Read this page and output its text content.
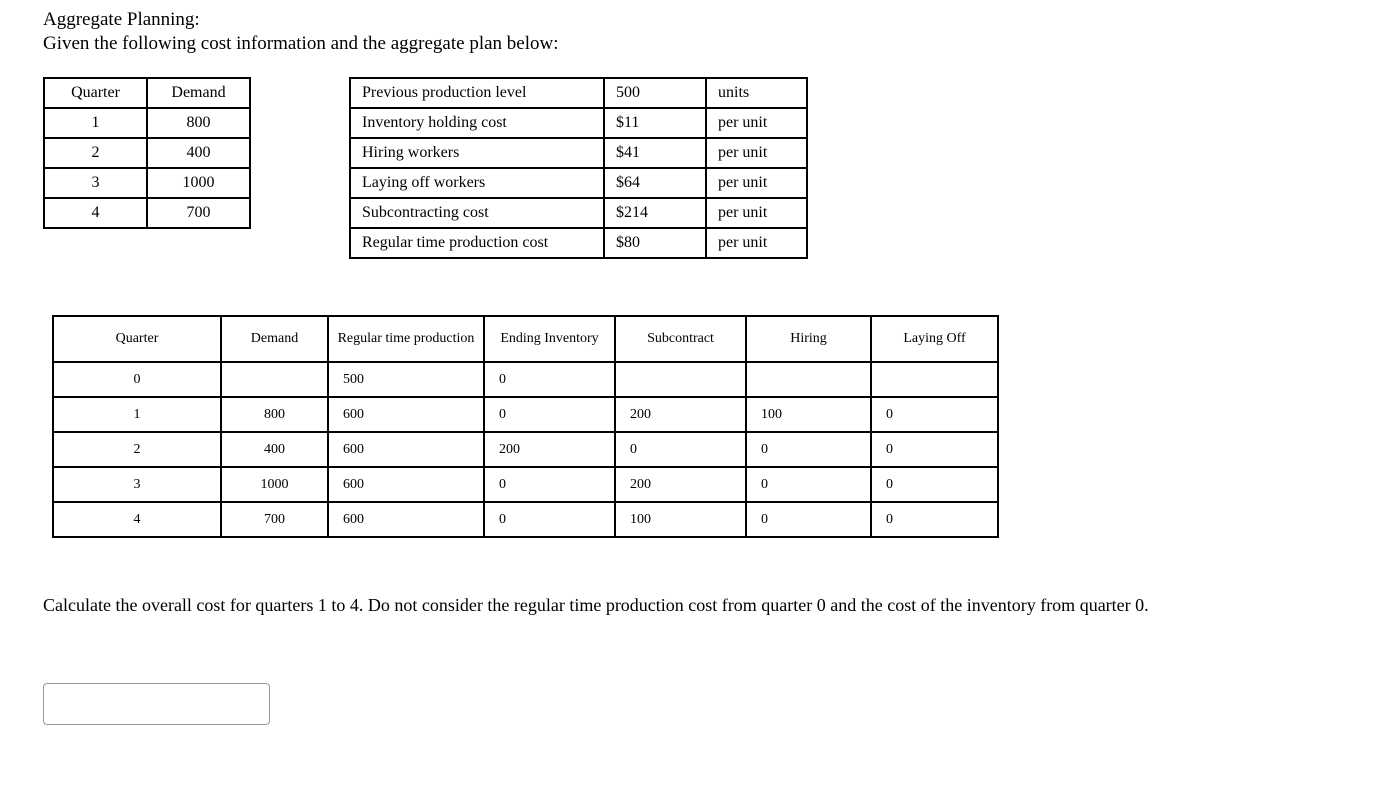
Aggregate Planning:
Given the following cost information and the aggregate plan below:
Quarter	Demand
1	800
2	400
3	1000
4	700
Previous production level	500	units
Inventory holding cost	$11	per unit
Hiring workers	$41	per unit
Laying off workers	$64	per unit
Subcontracting cost	$214	per unit
Regular time production cost	$80	per unit
Quarter	Demand	Regular time production	Ending Inventory	Subcontract	Hiring	Laying Off
0		500	0			
1	800	600	0	200	100	0
2	400	600	200	0	0	0
3	1000	600	0	200	0	0
4	700	600	0	100	0	0
Calculate the overall cost for quarters 1 to 4. Do not consider the regular time production cost from quarter 0 and the cost of the inventory from quarter 0.
